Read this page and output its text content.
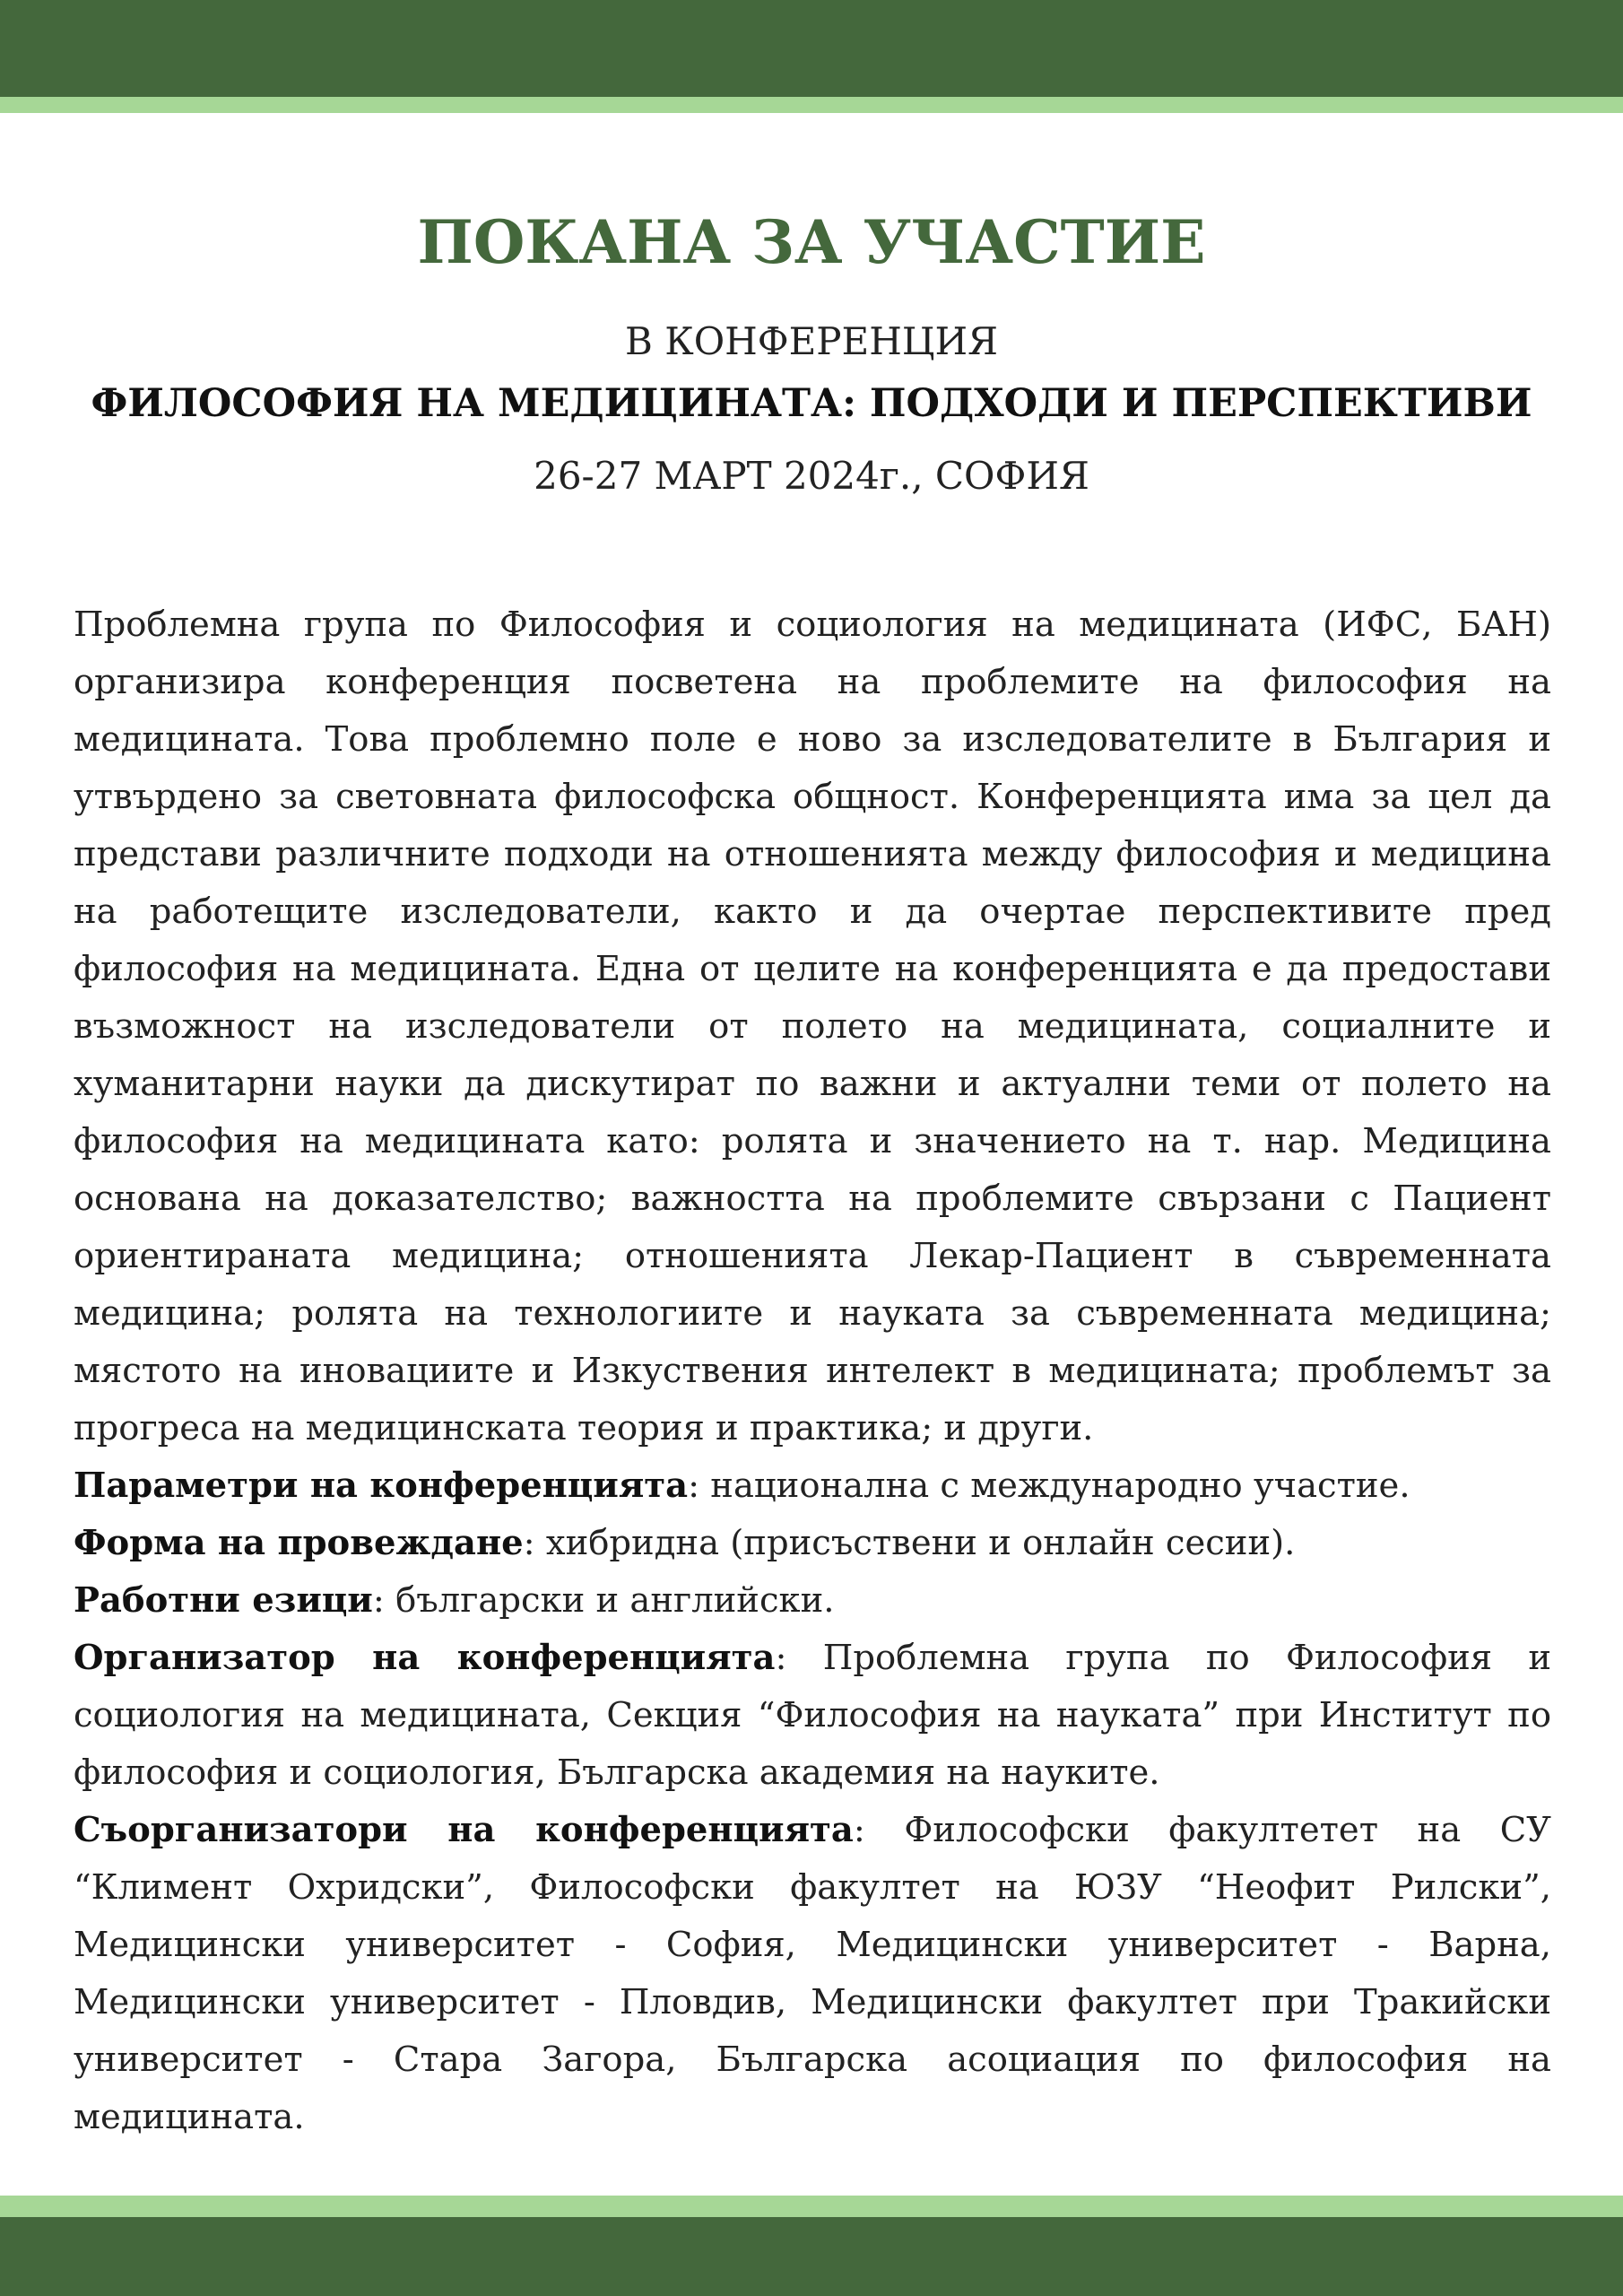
ПОКАНА ЗА УЧАСТИЕ
В КОНФЕРЕНЦИЯ
ФИЛОСОФИЯ НА МЕДИЦИНАТА: ПОДХОДИ И ПЕРСПЕКТИВИ
26-27 МАРТ 2024г., СОФИЯ

Проблемна група по Философия и социология на медицината (ИФС, БАН) организира конференция посветена на проблемите на философия на медицината. Това проблемно поле е ново за изследователите в България и утвърдено за световната философска общност. Конференцията има за цел да представи различните подходи на отношенията между философия и медицина на работещите изследователи, както и да очертае перспективите пред философия на медицината. Една от целите на конференцията е да предостави възможност на изследователи от полето на медицината, социалните и хуманитарни науки да дискутират по важни и актуални теми от полето на философия на медицината като: ролята и значението на т. нар. Медицина основана на доказателство; важността на проблемите свързани с Пациент ориентираната медицина; отношенията Лекар-Пациент в съвременната медицина; ролята на технологиите и науката за съвременната медицина; мястото на иновациите и Изкуствения интелект в медицината; проблемът за прогреса на медицинската теория и практика; и други.

Параметри на конференцията: национална с международно участие.

Форма на провеждане: хибридна (присъствени и онлайн сесии).

Работни езици: български и английски.

Организатор на конференцията: Проблемна група по Философия и социология на медицината, Секция “Философия на науката” при Институт по философия и социология, Българска академия на науките.

Съорганизатори на конференцията: Философски факултетет на СУ “Климент Охридски”, Философски факултет на ЮЗУ “Неофит Рилски”, Медицински университет - София, Медицински университет - Варна, Медицински университет - Пловдив, Медицински факултет при Тракийски университет - Стара Загора, Българска асоциация по философия на медицината.
